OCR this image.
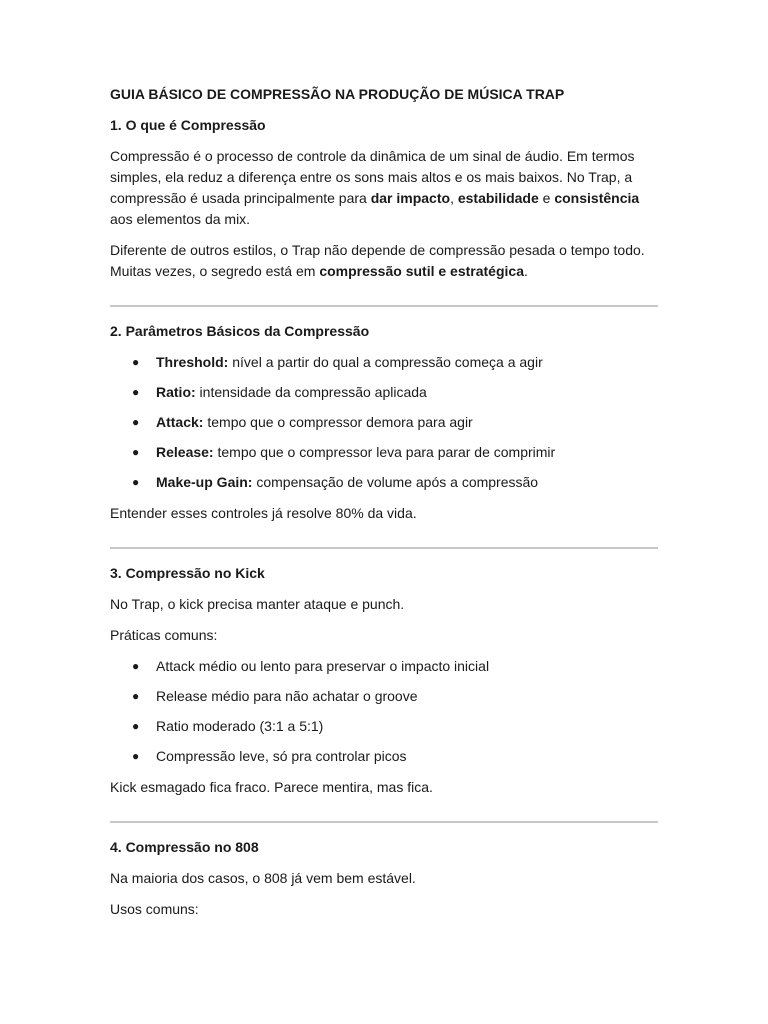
GUIA BÁSICO DE COMPRESSÃO NA PRODUÇÃO DE MÚSICA TRAP
1. O que é Compressão

Compressão é o processo de controle da dinâmica de um sinal de áudio. Em termos simples, ela reduz a diferença entre os sons mais altos e os mais baixos. No Trap, a compressão é usada principalmente para dar impacto, estabilidade e consistência aos elementos da mix.

Diferente de outros estilos, o Trap não depende de compressão pesada o tempo todo. Muitas vezes, o segredo está em compressão sutil e estratégica.

2. Parâmetros Básicos da Compressão
● Threshold: nível a partir do qual a compressão começa a agir
● Ratio: intensidade da compressão aplicada
● Attack: tempo que o compressor demora para agir
● Release: tempo que o compressor leva para parar de comprimir
● Make-up Gain: compensação de volume após a compressão

Entender esses controles já resolve 80% da vida.

3. Compressão no Kick

No Trap, o kick precisa manter ataque e punch.

Práticas comuns:

● Attack médio ou lento para preservar o impacto inicial
● Release médio para não achatar o groove
● Ratio moderado (3:1 a 5:1)
● Compressão leve, só pra controlar picos

Kick esmagado fica fraco. Parece mentira, mas fica.

4. Compressão no 808

Na maioria dos casos, o 808 já vem bem estável.

Usos comuns:
